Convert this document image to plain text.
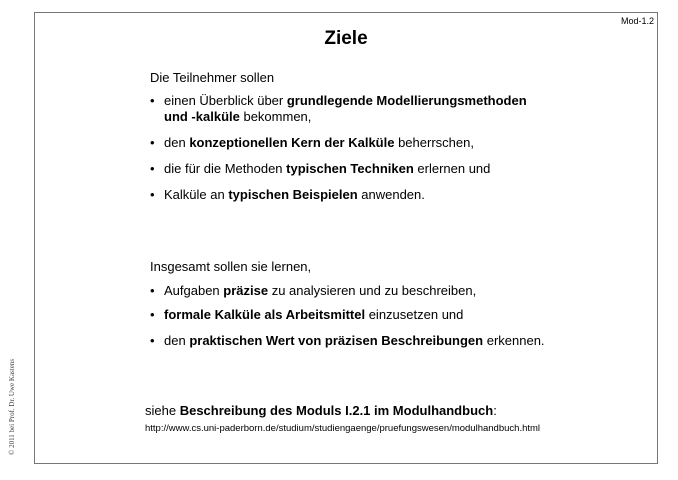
Mod-1.2
Ziele
© 2011 bei Prof. Dr. Uwe Kastens
Die Teilnehmer sollen
• einen Überblick über grundlegende Modellierungsmethoden
und -kalküle bekommen,
• den konzeptionellen Kern der Kalküle beherrschen,
• die für die Methoden typischen Techniken erlernen und
• Kalküle an typischen Beispielen anwenden.
Insgesamt sollen sie lernen,
• Aufgaben präzise zu analysieren und zu beschreiben,
• formale Kalküle als Arbeitsmittel einzusetzen und
• den praktischen Wert von präzisen Beschreibungen erkennen.
siehe Beschreibung des Moduls I.2.1 im Modulhandbuch:
http://www.cs.uni-paderborn.de/studium/studiengaenge/pruefungswesen/modulhandbuch.html
